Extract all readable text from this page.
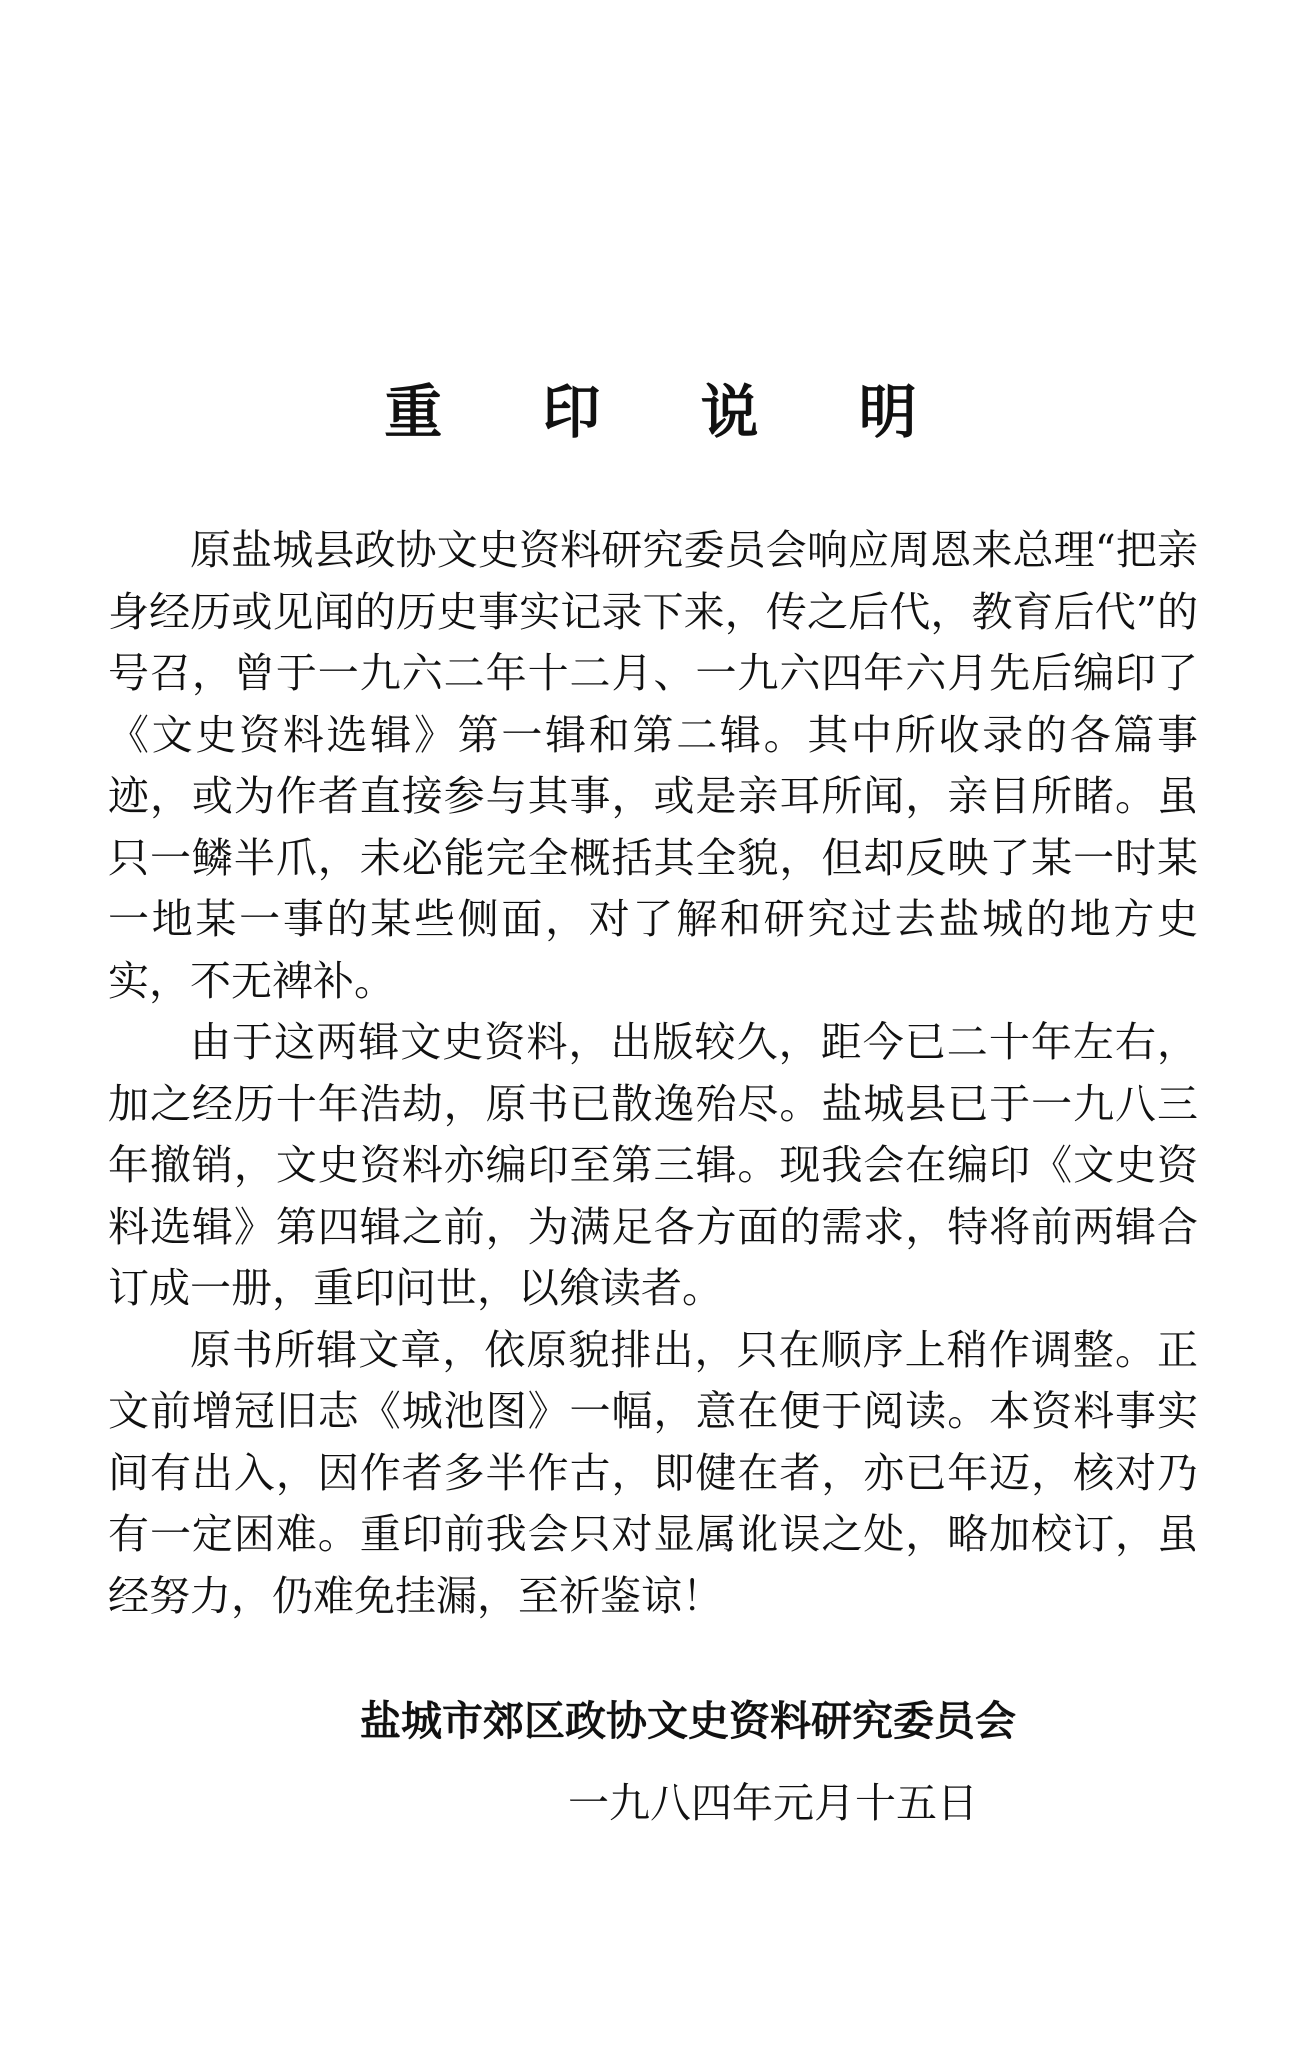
重 印 说 明

原盐城县政协文史资料研究委员会响应周恩来总理“把亲身经历或见闻的历史事实记录下来，传之后代，教育后代”的号召，曾于一九六二年十二月、一九六四年六月先后编印了《文史资料选辑》第一辑和第二辑。其中所收录的各篇事迹，或为作者直接参与其事，或是亲耳所闻，亲目所睹。虽只一鳞半爪，未必能完全概括其全貌，但却反映了某一时某一地某一事的某些侧面，对了解和研究过去盐城的地方史实，不无裨补。

由于这两辑文史资料，出版较久，距今已二十年左右，加之经历十年浩劫，原书已散逸殆尽。盐城县已于一九八三年撤销，文史资料亦编印至第三辑。现我会在编印《文史资料选辑》第四辑之前，为满足各方面的需求，特将前两辑合订成一册，重印问世，以飨读者。

原书所辑文章，依原貌排出，只在顺序上稍作调整。正文前增冠旧志《城池图》一幅，意在便于阅读。本资料事实间有出入，因作者多半作古，即健在者，亦已年迈，核对乃有一定困难。重印前我会只对显属讹误之处，略加校订，虽经努力，仍难免挂漏，至祈鉴谅！

盐城市郊区政协文史资料研究委员会
一九八四年元月十五日
